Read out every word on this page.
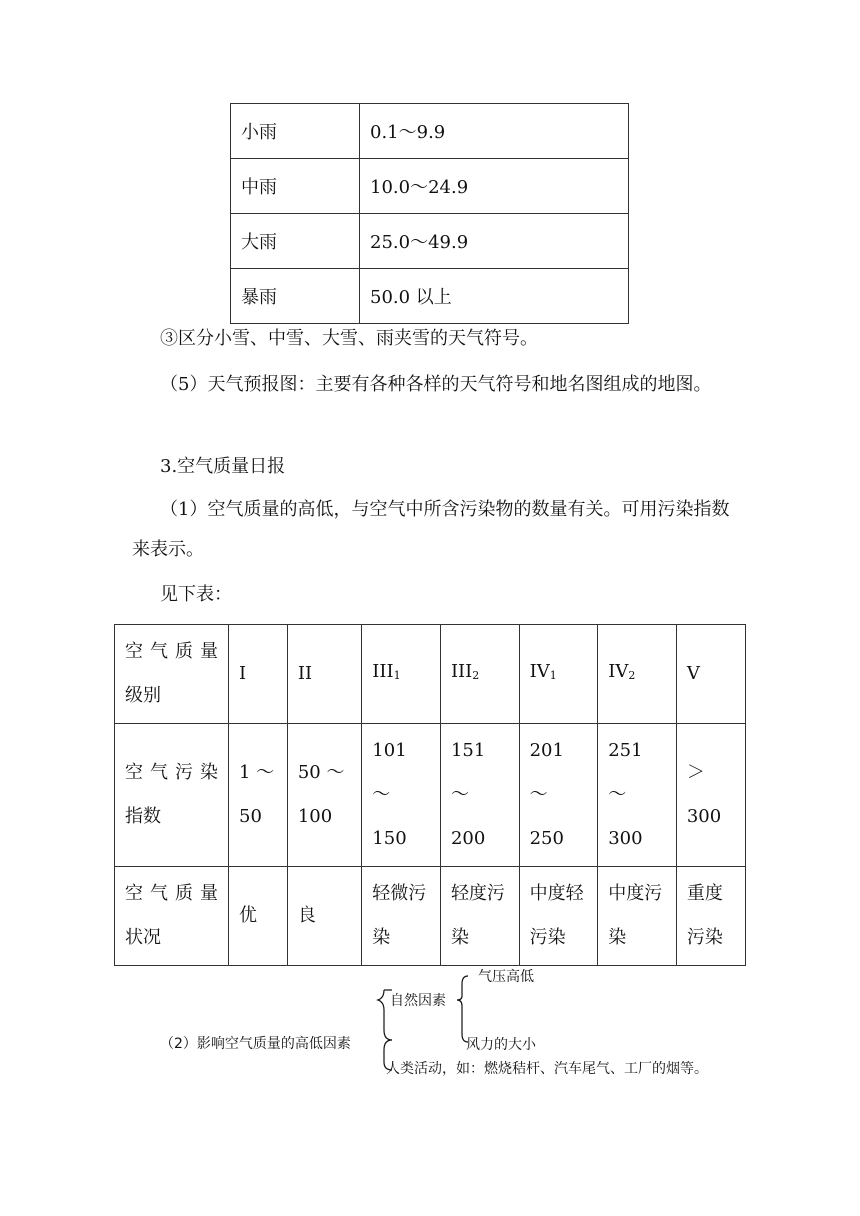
小雨	0.1～9.9
中雨	10.0～24.9
大雨	25.0～49.9
暴雨	50.0 以上

③区分小雪、中雪、大雪、雨夹雪的天气符号。

（5）天气预报图：主要有各种各样的天气符号和地名图组成的地图。

3.空气质量日报

（1）空气质量的高低，与空气中所含污染物的数量有关。可用污染指数来表示。

见下表：

空 气 质 量级别	I	II	III1	III2	IV1	IV2	V
空 气 污 染指数	1 ～ 50	50 ～ 100	101 ～ 150	151 ～ 200	201 ～ 250	251 ～ 300	＞300
空 气 质 量状况	优	良	轻微污染	轻度污染	中度轻污染	中度污染	重度污染
（2）影响空气质量的高低因素
自然因素
气压高低
风力的大小
人类活动，如：燃烧秸杆、汽车尾气、工厂的烟等。
